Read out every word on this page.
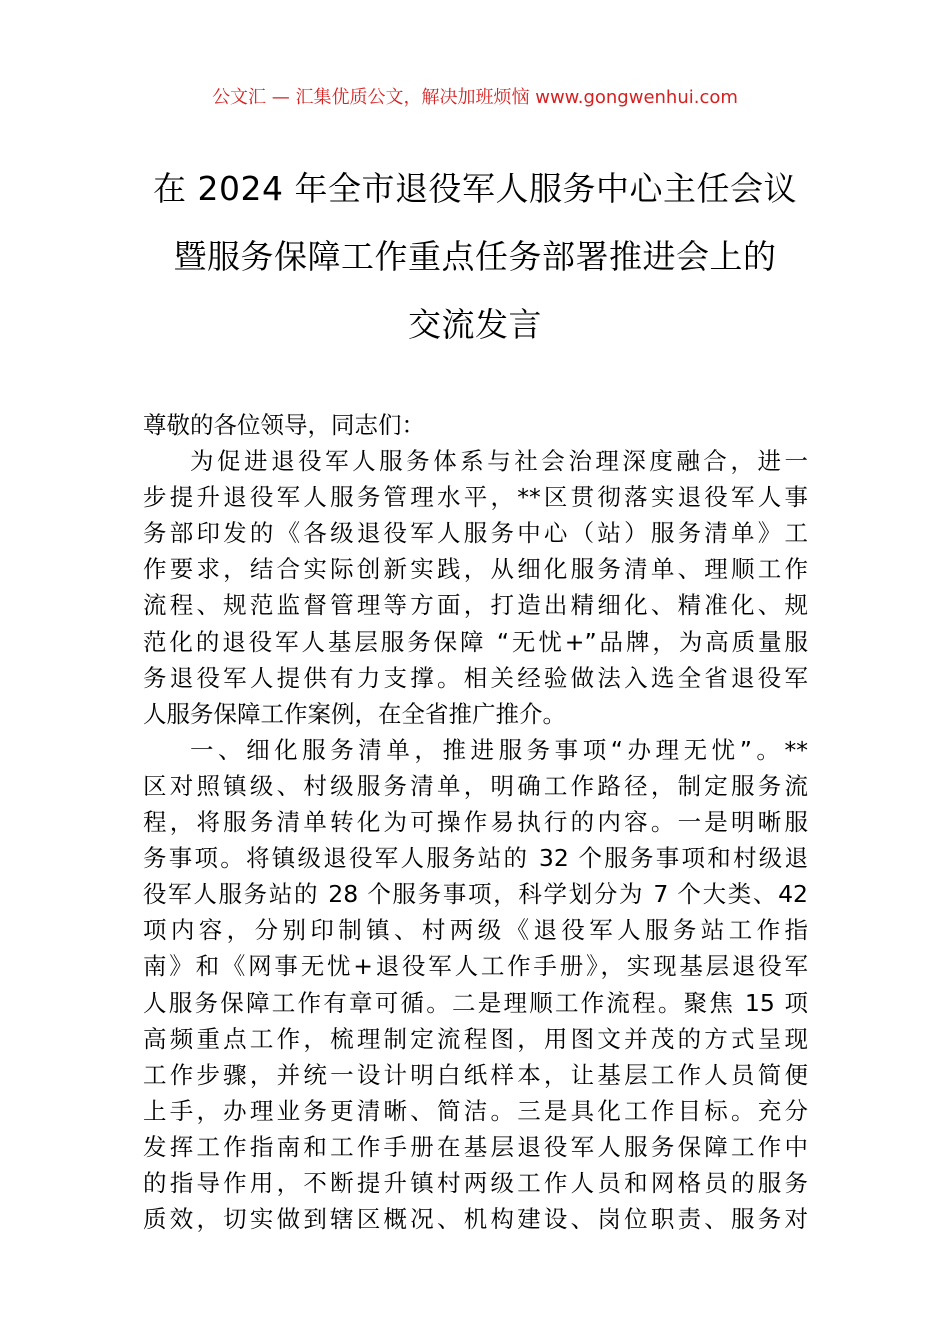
公文汇 — 汇集优质公文，解决加班烦恼 www.gongwenhui.com
在 2024 年全市退役军人服务中心主任会议
暨服务保障工作重点任务部署推进会上的
交流发言
尊敬的各位领导，同志们：
为促进退役军人服务体系与社会治理深度融合，进一
步提升退役军人服务管理水平，**区贯彻落实退役军人事
务部印发的《各级退役军人服务中心（站）服务清单》工
作要求，结合实际创新实践，从细化服务清单、理顺工作
流程、规范监督管理等方面，打造出精细化、精准化、规
范化的退役军人基层服务保障 “无忧+”品牌，为高质量服
务退役军人提供有力支撑。相关经验做法入选全省退役军
人服务保障工作案例，在全省推广推介。
一、细化服务清单，推进服务事项“办理无忧”。**
区对照镇级、村级服务清单，明确工作路径，制定服务流
程，将服务清单转化为可操作易执行的内容。一是明晰服
务事项。将镇级退役军人服务站的 32 个服务事项和村级退
役军人服务站的 28 个服务事项，科学划分为 7 个大类、42
项内容，分别印制镇、村两级《退役军人服务站工作指
南》和《网事无忧+退役军人工作手册》，实现基层退役军
人服务保障工作有章可循。二是理顺工作流程。聚焦 15 项
高频重点工作，梳理制定流程图，用图文并茂的方式呈现
工作步骤，并统一设计明白纸样本，让基层工作人员简便
上手，办理业务更清晰、简洁。三是具化工作目标。充分
发挥工作指南和工作手册在基层退役军人服务保障工作中
的指导作用，不断提升镇村两级工作人员和网格员的服务
质效，切实做到辖区概况、机构建设、岗位职责、服务对
